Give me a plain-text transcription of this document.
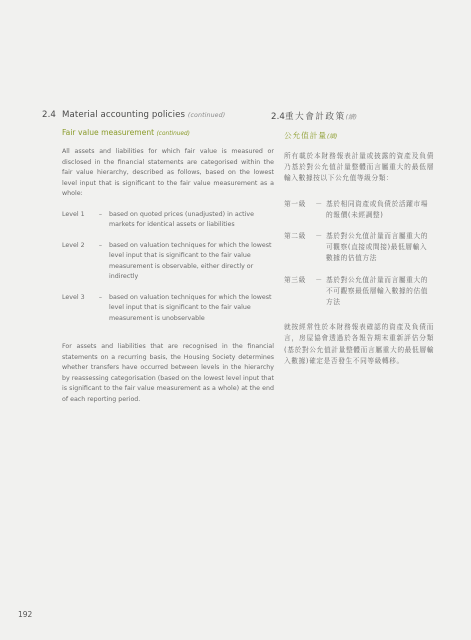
2.4 Material accounting policies (continued)
Fair value measurement (continued)

All assets and liabilities for which fair value is measured or disclosed in the financial statements are categorised within the fair value hierarchy, described as follows, based on the lowest level input that is significant to the fair value measurement as a whole:

Level 1	–	based on quoted prices (unadjusted) in active markets for identical assets or liabilities
Level 2	–	based on valuation techniques for which the lowest level input that is significant to the fair value measurement is observable, either directly or indirectly
Level 3	–	based on valuation techniques for which the lowest level input that is significant to the fair value measurement is unobservable

For assets and liabilities that are recognised in the financial statements on a recurring basis, the Housing Society determines whether transfers have occurred between levels in the hierarchy by reassessing categorisation (based on the lowest level input that is significant to the fair value measurement as a whole) at the end of each reporting period.

2.4重大會計政策(續)
公允值計量(續)

所有載於本財務報表計量或披露的資產及負債乃基於對公允值計量整體而言屬重大的最低層輸入數據按以下公允值等級分類：

第一級	－ 基於相同資產或負債於活躍市場的報價(未經調整)
第二級	－ 基於對公允值計量而言屬重大的可觀察(直接或間接)最低層輸入數據的估值方法
第三級	－ 基於對公允值計量而言屬重大的不可觀察最低層輸入數據的估值方法

就按經常性於本財務報表確認的資產及負債而言，房屋協會透過於各報告期末重新評估分類(基於對公允值計量整體而言屬重大的最低層輸入數據)確定是否發生不同等級轉移。

192
